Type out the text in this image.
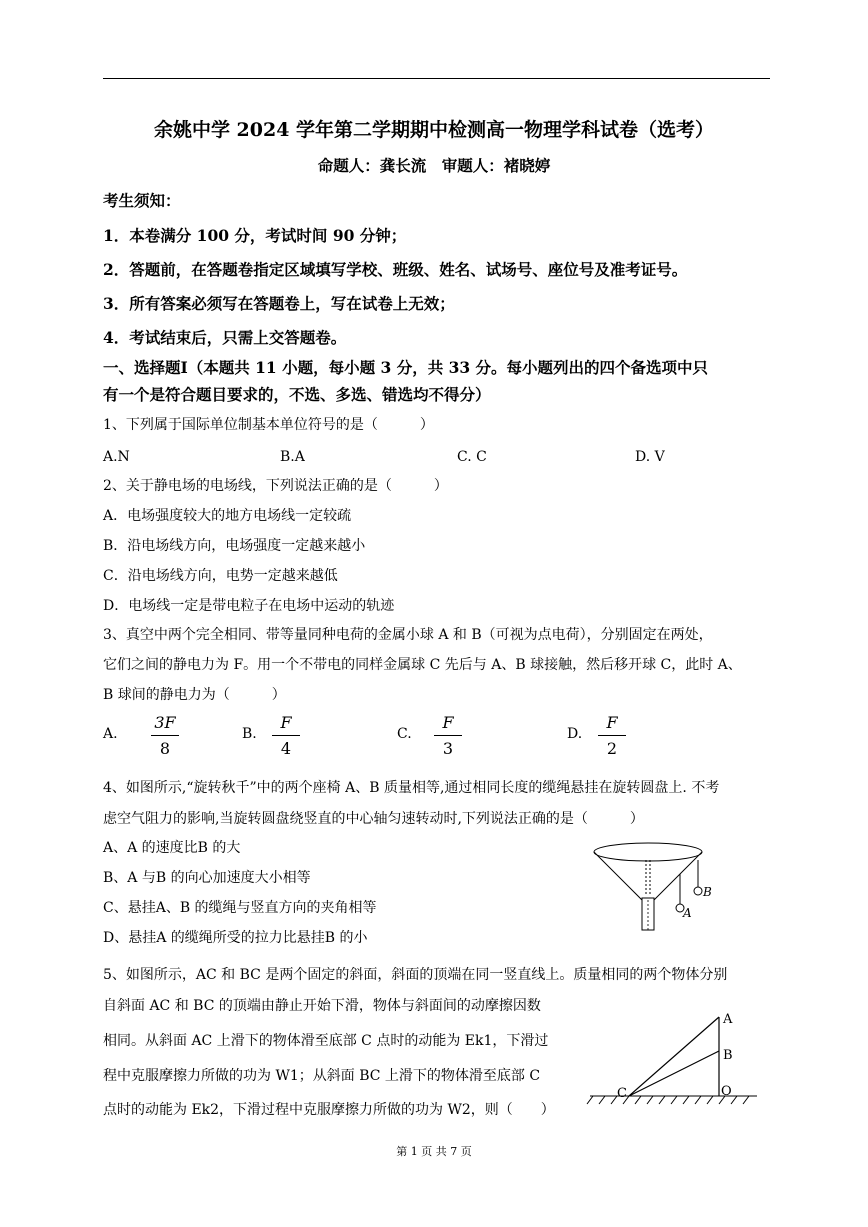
余姚中学 2024 学年第二学期期中检测高一物理学科试卷（选考）
命题人：龚长流　审题人：褚晓婷
考生须知：
1．本卷满分 100 分，考试时间 90 分钟；
2．答题前，在答题卷指定区域填写学校、班级、姓名、试场号、座位号及准考证号。
3．所有答案必须写在答题卷上，写在试卷上无效；
4．考试结束后，只需上交答题卷。
一、选择题Ⅰ（本题共 11 小题，每小题 3 分，共 33 分。每小题列出的四个备选项中只
有一个是符合题目要求的，不选、多选、错选均不得分）
1、下列属于国际单位制基本单位符号的是（　　　）
A.N	B.A	C. C	D. V
2、关于静电场的电场线，下列说法正确的是（　　　）
A．电场强度较大的地方电场线一定较疏
B．沿电场线方向，电场强度一定越来越小
C．沿电场线方向，电势一定越来越低
D．电场线一定是带电粒子在电场中运动的轨迹
3、真空中两个完全相同、带等量同种电荷的金属小球 A 和 B（可视为点电荷），分别固定在两处，
它们之间的静电力为 F。用一个不带电的同样金属球 C 先后与 A、B 球接触，然后移开球 C，此时 A、
B 球间的静电力为（　　　）
A.
3F
8
B.
F
4
C.
F
3
D.
F
2
4、如图所示,“旋转秋千”中的两个座椅 A、B 质量相等,通过相同长度的缆绳悬挂在旋转圆盘上. 不考
虑空气阻力的影响,当旋转圆盘绕竖直的中心轴匀速转动时,下列说法正确的是（　　　）
A、A 的速度比B 的大
B、A 与B 的向心加速度大小相等
C、悬挂A、B 的缆绳与竖直方向的夹角相等
D、悬挂A 的缆绳所受的拉力比悬挂B 的小
A
B
5、如图所示，AC 和 BC 是两个固定的斜面，斜面的顶端在同一竖直线上。质量相同的两个物体分别
自斜面 AC 和 BC 的顶端由静止开始下滑，物体与斜面间的动摩擦因数
相同。从斜面 AC 上滑下的物体滑至底部 C 点时的动能为 Ek1，下滑过
程中克服摩擦力所做的功为 W1；从斜面 BC 上滑下的物体滑至底部 C
点时的动能为 Ek2，下滑过程中克服摩擦力所做的功为 W2，则（　　）
A
B
C	O
第 1 页 共 7 页
